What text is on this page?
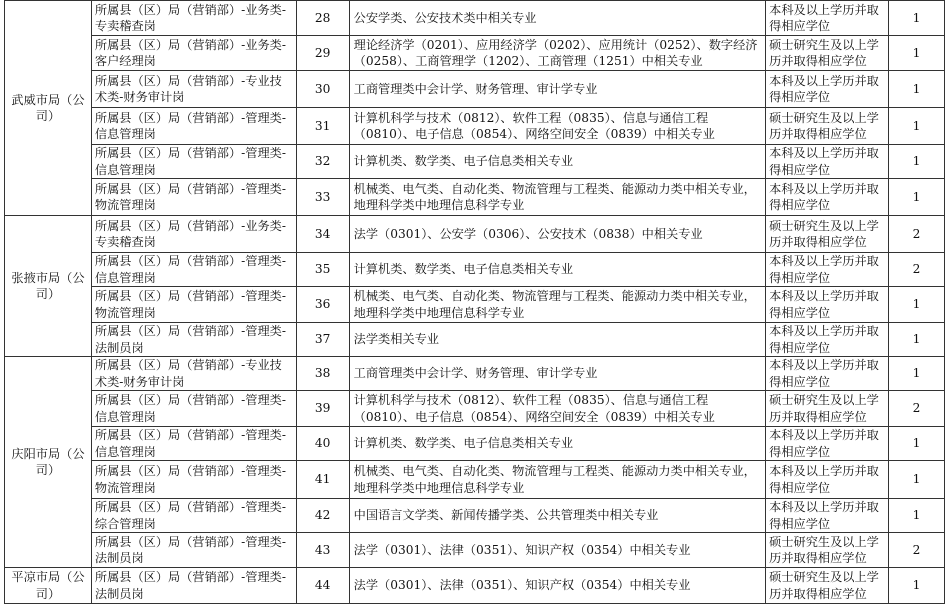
武威市局（公司）	所属县（区）局（营销部）-业务类-专卖稽查岗	28	公安学类、公安技术类中相关专业	本科及以上学历并取得相应学位	1
	所属县（区）局（营销部）-业务类-客户经理岗	29	理论经济学（0201）、应用经济学（0202）、应用统计（0252）、数字经济（0258）、工商管理学（1202）、工商管理（1251）中相关专业	硕士研究生及以上学历并取得相应学位	1
	所属县（区）局（营销部）-专业技术类-财务审计岗	30	工商管理类中会计学、财务管理、审计学专业	本科及以上学历并取得相应学位	1
	所属县（区）局（营销部）-管理类-信息管理岗	31	计算机科学与技术（0812）、软件工程（0835）、信息与通信工程（0810）、电子信息（0854）、网络空间安全（0839）中相关专业	硕士研究生及以上学历并取得相应学位	1
	所属县（区）局（营销部）-管理类-信息管理岗	32	计算机类、数学类、电子信息类相关专业	本科及以上学历并取得相应学位	1
	所属县（区）局（营销部）-管理类-物流管理岗	33	机械类、电气类、自动化类、物流管理与工程类、能源动力类中相关专业，地理科学类中地理信息科学专业	本科及以上学历并取得相应学位	1
张掖市局（公司）	所属县（区）局（营销部）-业务类-专卖稽查岗	34	法学（0301）、公安学（0306）、公安技术（0838）中相关专业	硕士研究生及以上学历并取得相应学位	2
	所属县（区）局（营销部）-管理类-信息管理岗	35	计算机类、数学类、电子信息类相关专业	本科及以上学历并取得相应学位	2
	所属县（区）局（营销部）-管理类-物流管理岗	36	机械类、电气类、自动化类、物流管理与工程类、能源动力类中相关专业，地理科学类中地理信息科学专业	本科及以上学历并取得相应学位	1
	所属县（区）局（营销部）-管理类-法制员岗	37	法学类相关专业	本科及以上学历并取得相应学位	1
庆阳市局（公司）	所属县（区）局（营销部）-专业技术类-财务审计岗	38	工商管理类中会计学、财务管理、审计学专业	本科及以上学历并取得相应学位	1
	所属县（区）局（营销部）-管理类-信息管理岗	39	计算机科学与技术（0812）、软件工程（0835）、信息与通信工程（0810）、电子信息（0854）、网络空间安全（0839）中相关专业	硕士研究生及以上学历并取得相应学位	2
	所属县（区）局（营销部）-管理类-信息管理岗	40	计算机类、数学类、电子信息类相关专业	本科及以上学历并取得相应学位	1
	所属县（区）局（营销部）-管理类-物流管理岗	41	机械类、电气类、自动化类、物流管理与工程类、能源动力类中相关专业，地理科学类中地理信息科学专业	本科及以上学历并取得相应学位	1
	所属县（区）局（营销部）-管理类-综合管理岗	42	中国语言文学类、新闻传播学类、公共管理类中相关专业	本科及以上学历并取得相应学位	1
	所属县（区）局（营销部）-管理类-法制员岗	43	法学（0301）、法律（0351）、知识产权（0354）中相关专业	硕士研究生及以上学历并取得相应学位	2
平凉市局（公司）	所属县（区）局（营销部）-管理类-法制员岗	44	法学（0301）、法律（0351）、知识产权（0354）中相关专业	硕士研究生及以上学历并取得相应学位	1
